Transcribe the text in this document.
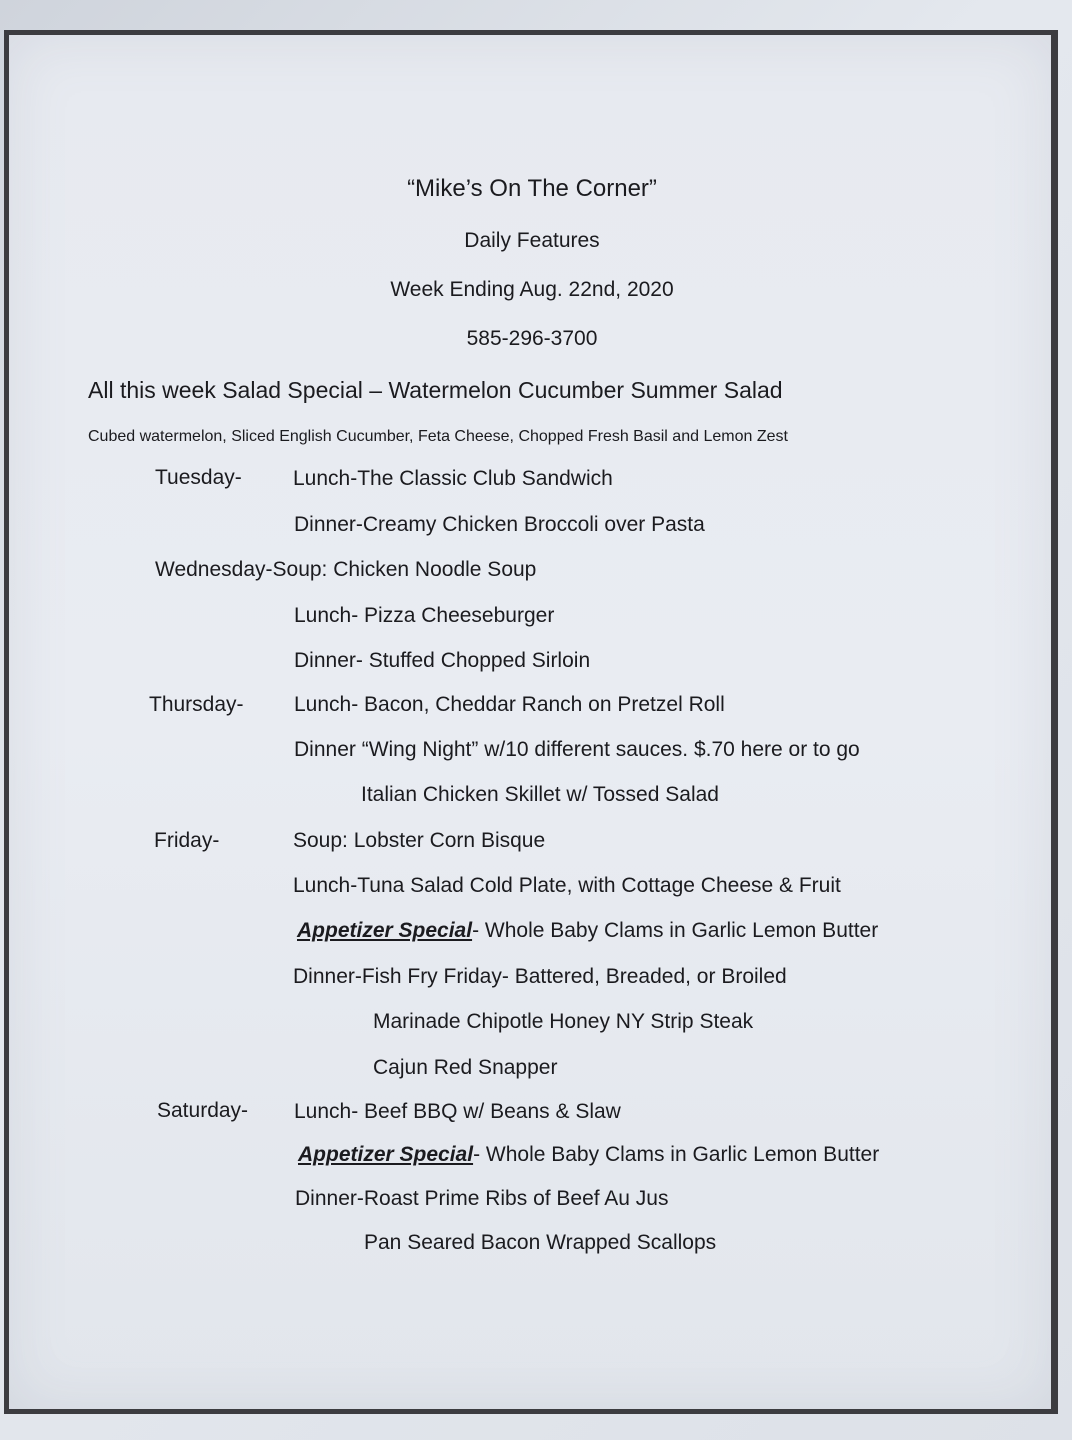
“Mike’s On The Corner”
Daily Features
Week Ending Aug. 22nd, 2020
585-296-3700
All this week Salad Special – Watermelon Cucumber Summer Salad
Cubed watermelon, Sliced English Cucumber, Feta Cheese, Chopped Fresh Basil and Lemon Zest
Tuesday- Lunch-The Classic Club Sandwich
Dinner-Creamy Chicken Broccoli over Pasta
Wednesday-Soup: Chicken Noodle Soup
Lunch- Pizza Cheeseburger
Dinner- Stuffed Chopped Sirloin
Thursday- Lunch- Bacon, Cheddar Ranch on Pretzel Roll
Dinner “Wing Night” w/10 different sauces. $.70 here or to go
Italian Chicken Skillet w/ Tossed Salad
Friday-	Soup: Lobster Corn Bisque
Lunch-Tuna Salad Cold Plate, with Cottage Cheese & Fruit
Appetizer Special- Whole Baby Clams in Garlic Lemon Butter
Dinner-Fish Fry Friday- Battered, Breaded, or Broiled
Marinade Chipotle Honey NY Strip Steak
Cajun Red Snapper
Saturday- Lunch- Beef BBQ w/ Beans & Slaw
Appetizer Special- Whole Baby Clams in Garlic Lemon Butter
Dinner-Roast Prime Ribs of Beef Au Jus
Pan Seared Bacon Wrapped Scallops
